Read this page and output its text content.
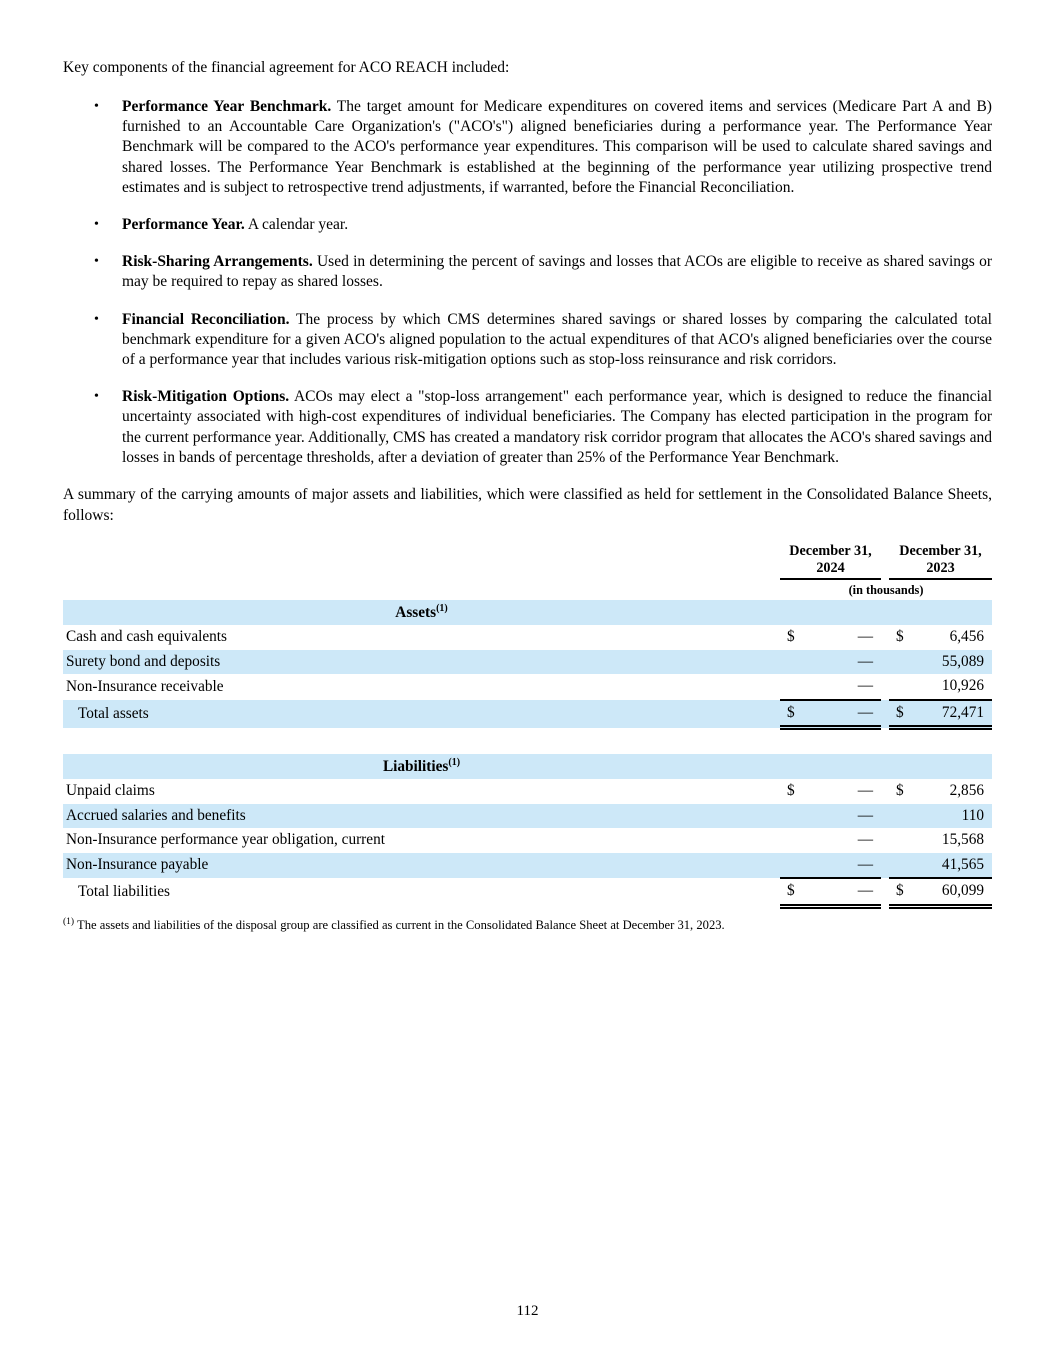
Key components of the financial agreement for ACO REACH included:

•	Performance Year Benchmark. The target amount for Medicare expenditures on covered items and services (Medicare Part A and B) furnished to an Accountable Care Organization's ("ACO's") aligned beneficiaries during a performance year. The Performance Year Benchmark will be compared to the ACO's performance year expenditures. This comparison will be used to calculate shared savings and shared losses. The Performance Year Benchmark is established at the beginning of the performance year utilizing prospective trend estimates and is subject to retrospective trend adjustments, if warranted, before the Financial Reconciliation.

•	Performance Year. A calendar year.

•	Risk-Sharing Arrangements. Used in determining the percent of savings and losses that ACOs are eligible to receive as shared savings or may be required to repay as shared losses.

•	Financial Reconciliation. The process by which CMS determines shared savings or shared losses by comparing the calculated total benchmark expenditure for a given ACO's aligned population to the actual expenditures of that ACO's aligned beneficiaries over the course of a performance year that includes various risk-mitigation options such as stop-loss reinsurance and risk corridors.

•	Risk-Mitigation Options. ACOs may elect a "stop-loss arrangement" each performance year, which is designed to reduce the financial uncertainty associated with high-cost expenditures of individual beneficiaries. The Company has elected participation in the program for the current performance year. Additionally, CMS has created a mandatory risk corridor program that allocates the ACO's shared savings and losses in bands of percentage thresholds, after a deviation of greater than 25% of the Performance Year Benchmark.

A summary of the carrying amounts of major assets and liabilities, which were classified as held for settlement in the Consolidated Balance Sheets, follows:

	December 31, 2024		December 31, 2023
	(in thousands)		
Assets$^{(1)}$			
Cash and cash equivalents	$ —		$ 6,456

Surety bond and deposits	—		55,089

Non-Insurance receivable	—		10,926

Total assets	$ —		$ 72,471

Liabilities$^{(1)}$			
Unpaid claims	$ —		$ 2,856

Accrued salaries and benefits	—		110

Non-Insurance performance year obligation, current	—		15,568

Non-Insurance payable	—		41,565

Total liabilities	$ —		$ 60,099

$^{(1)}$ The assets and liabilities of the disposal group are classified as current in the Consolidated Balance Sheet at December 31, 2023.

112
